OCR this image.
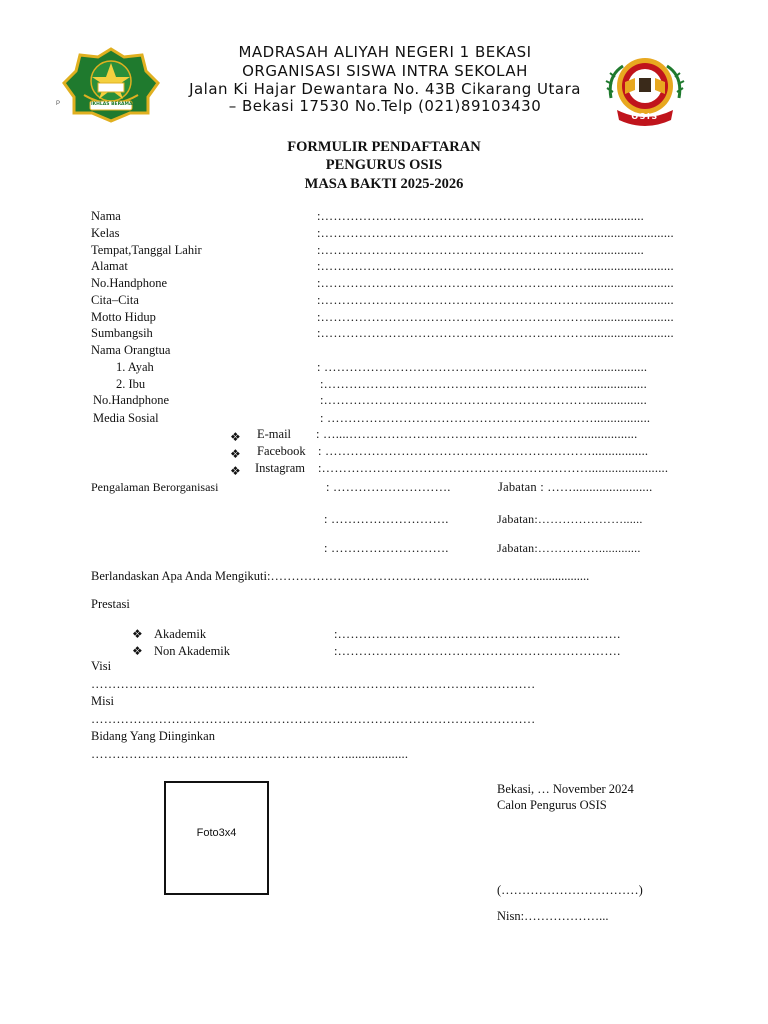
IKHLAS BERAMAL
P
MADRASAH ALIYAH NEGERI 1 BEKASI
ORGANISASI SISWA INTRA SEKOLAH
Jalan Ki Hajar Dewantara No. 43B Cikarang Utara
– Bekasi 17530 No.Telp (021)89103430
OSIS
FORMULIR PENDAFTARAN
PENGURUS OSIS
MASA BAKTI 2025-2026
Nama	:……………………………………………………….................
Kelas	:………………………………………………………..........................
Tempat,Tanggal Lahir	:……………………………………………………….................
Alamat	:………………………………………………………..........................
No.Handphone	:………………………………………………………..........................
Cita–Cita	:………………………………………………………..........................
Motto Hidup	:………………………………………………………..........................
Sumbangsih	:………………………………………………………..........................
Nama Orangtua
1. Ayah	: ……………………………………………………….................
2. Ibu	:……………………………………………………….................
No.Handphone	:……………………………………………………….................
Media Sosial	: ……………………………………………………….................
❖ E-mail : …....………………………………………………..................
❖ Facebook : ……………………………………………………….................
❖ Instagram :………………………………………………………........................
Pengalaman Berorganisasi	: ……………………….	Jabatan : ……........................
: ……………………….	Jabatan:…………………......
: ……………………….	Jabatan:…………….............
Berlandaskan Apa Anda Mengikuti:………………………………………………………..................
Prestasi
❖ Akademik	:………………………………………………………….
❖ Non Akademik	:………………………………………………………….
Visi
……………………………………………………………………………………………
Misi
……………………………………………………………………………………………
Bidang Yang Diinginkan
……………………………………………………...................
Foto3x4
Bekasi, … November 2024
Calon Pengurus OSIS
(……………………………)
Nisn:………………...
